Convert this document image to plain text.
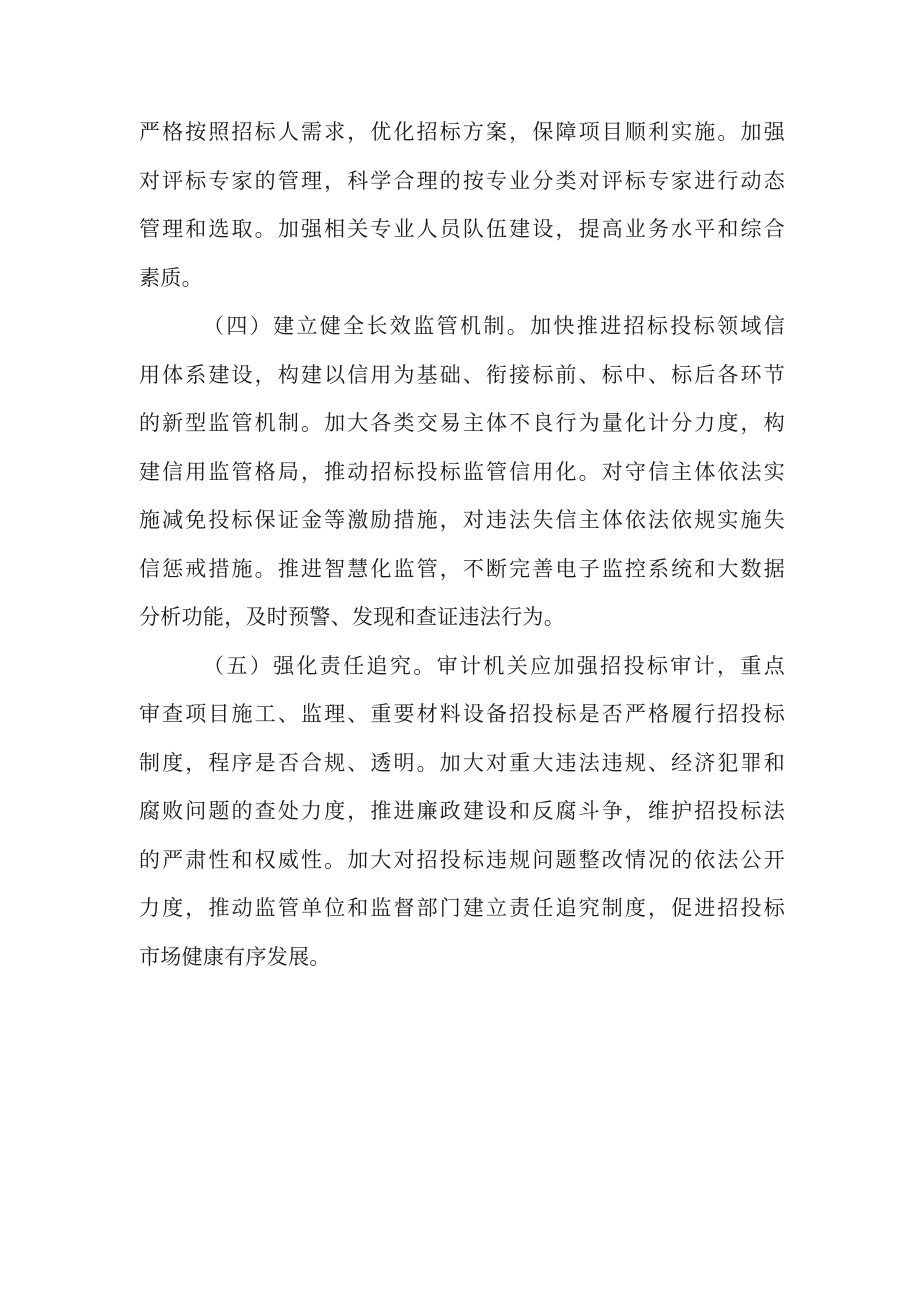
严格按照招标人需求，优化招标方案，保障项目顺利实施。加强
对评标专家的管理，科学合理的按专业分类对评标专家进行动态
管理和选取。加强相关专业人员队伍建设，提高业务水平和综合
素质。
（四）建立健全长效监管机制。加快推进招标投标领域信
用体系建设，构建以信用为基础、衔接标前、标中、标后各环节
的新型监管机制。加大各类交易主体不良行为量化计分力度，构
建信用监管格局，推动招标投标监管信用化。对守信主体依法实
施减免投标保证金等激励措施，对违法失信主体依法依规实施失
信惩戒措施。推进智慧化监管，不断完善电子监控系统和大数据
分析功能，及时预警、发现和查证违法行为。
（五）强化责任追究。审计机关应加强招投标审计，重点
审查项目施工、监理、重要材料设备招投标是否严格履行招投标
制度，程序是否合规、透明。加大对重大违法违规、经济犯罪和
腐败问题的查处力度，推进廉政建设和反腐斗争，维护招投标法
的严肃性和权威性。加大对招投标违规问题整改情况的依法公开
力度，推动监管单位和监督部门建立责任追究制度，促进招投标
市场健康有序发展。
